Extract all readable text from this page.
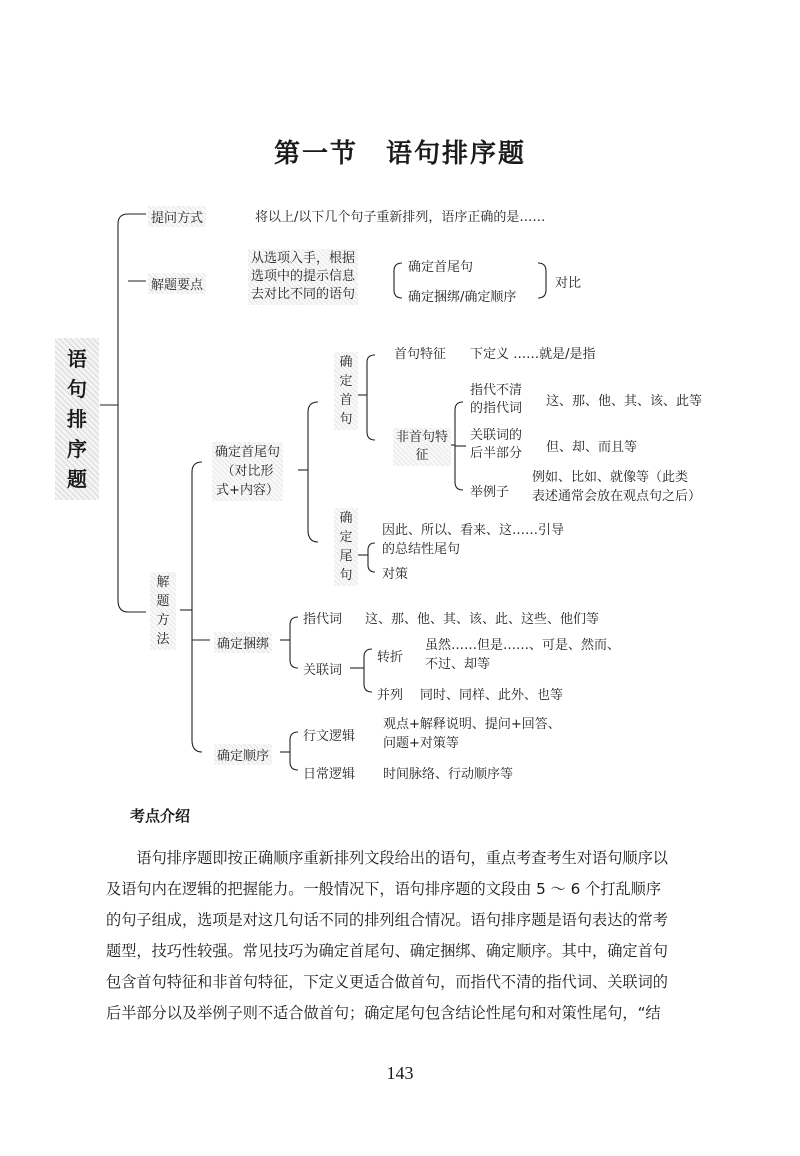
第一节　语句排序题
语句排序题
提问方式	将以上/以下几个句子重新排列，语序正确的是……
解题要点
从选项入手，根据
选项中的提示信息
去对比不同的语句
确定首尾句
确定捆绑/确定顺序
对比
解题方法
确定首尾句
（对比形
式+内容）
确定首句
首句特征 下定义 ……就是/是指
非首句特征
指代不清
的指代词 这、那、他、其、该、此等
关联词的
后半部分 但、却、而且等
举例子
例如、比如、就像等（此类
表述通常会放在观点句之后）
确定尾句
因此、所以、看来、这……引导
的总结性尾句
对策
确定捆绑
指代词 这、那、他、其、该、此、这些、他们等
关联词
转折
虽然……但是……、可是、然而、
不过、却等
并列 同时、同样、此外、也等
确定顺序
行文逻辑
观点+解释说明、提问+回答、
问题+对策等
日常逻辑 时间脉络、行动顺序等
考点介绍

　　语句排序题即按正确顺序重新排列文段给出的语句，重点考查考生对语句顺序以

及语句内在逻辑的把握能力。一般情况下，语句排序题的文段由 5 ～ 6 个打乱顺序

的句子组成，选项是对这几句话不同的排列组合情况。语句排序题是语句表达的常考

题型，技巧性较强。常见技巧为确定首尾句、确定捆绑、确定顺序。其中，确定首句

包含首句特征和非首句特征，下定义更适合做首句，而指代不清的指代词、关联词的

后半部分以及举例子则不适合做首句；确定尾句包含结论性尾句和对策性尾句，“结

143
